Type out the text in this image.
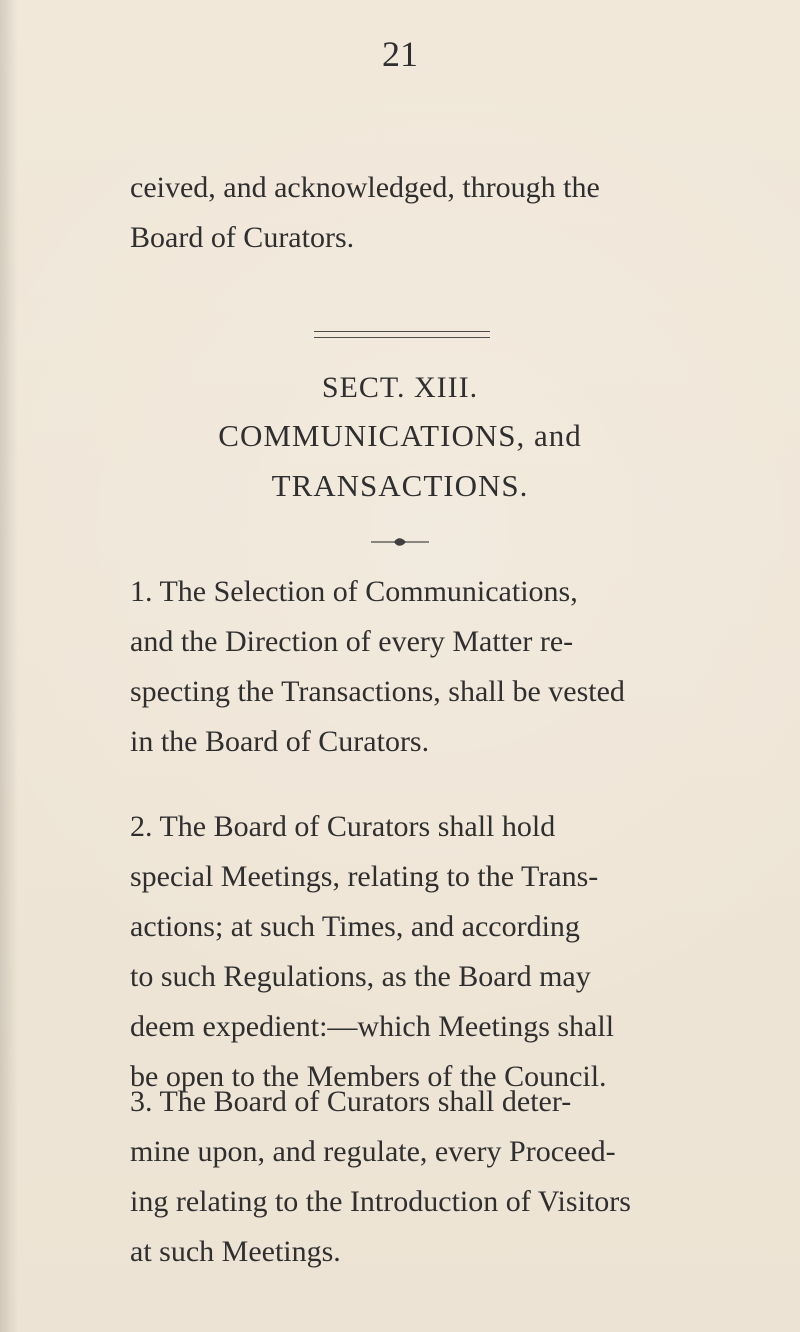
21
ceived, and acknowledged, through the
Board of Curators.
SECT. XIII.
COMMUNICATIONS, and
TRANSACTIONS.
1. The Selection of Communications,
and the Direction of every Matter re-
specting the Transactions, shall be vested
in the Board of Curators.
2. The Board of Curators shall hold
special Meetings, relating to the Trans-
actions; at such Times, and according
to such Regulations, as the Board may
deem expedient:—which Meetings shall
be open to the Members of the Council.
3. The Board of Curators shall deter-
mine upon, and regulate, every Proceed-
ing relating to the Introduction of Visitors
at such Meetings.
